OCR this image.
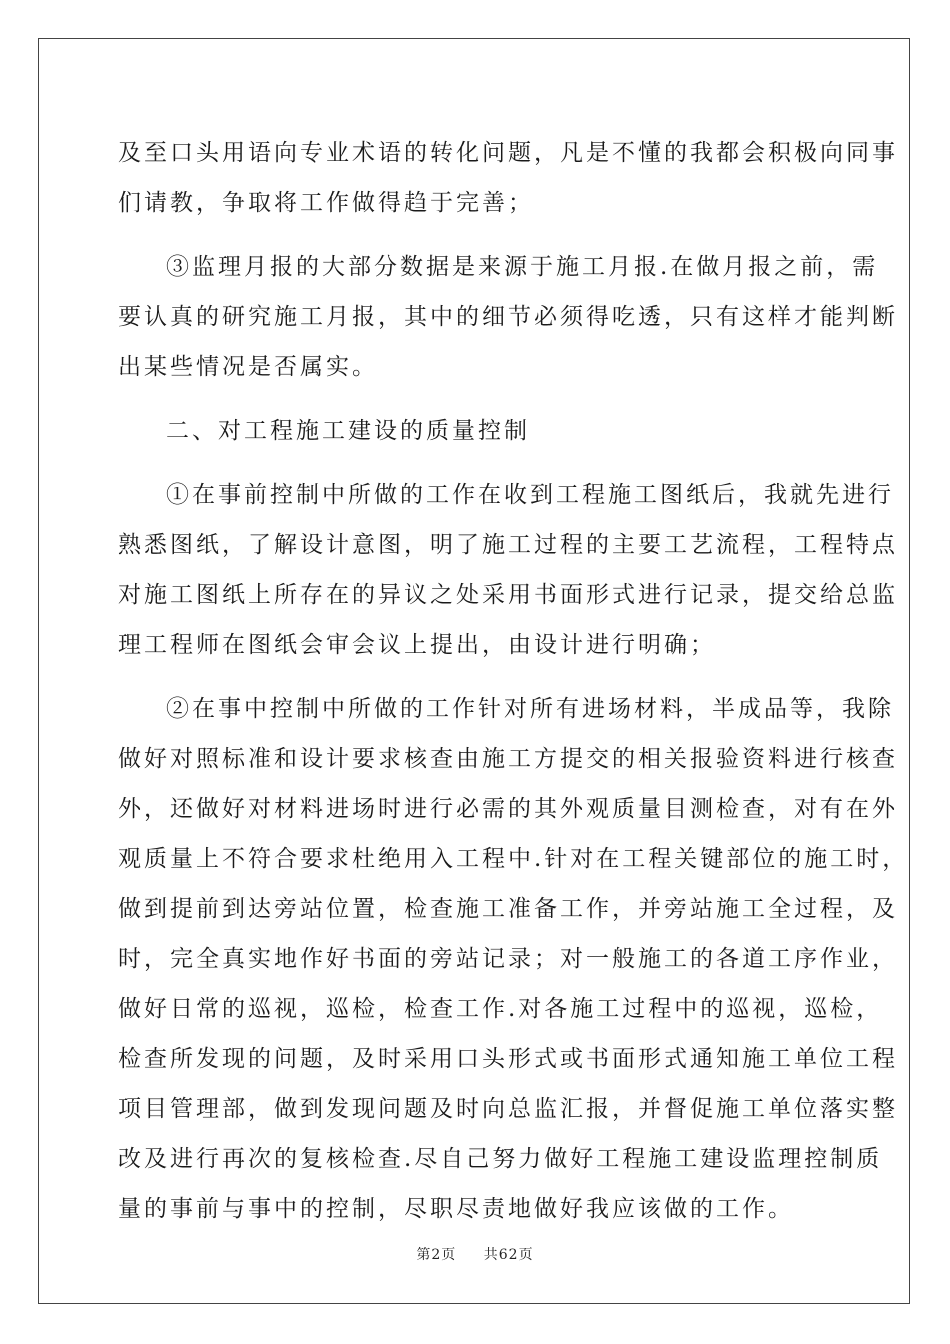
及至口头用语向专业术语的转化问题，凡是不懂的我都会积极向同事
们请教，争取将工作做得趋于完善；

③监理月报的大部分数据是来源于施工月报.在做月报之前，需
要认真的研究施工月报，其中的细节必须得吃透，只有这样才能判断
出某些情况是否属实。

二、对工程施工建设的质量控制

①在事前控制中所做的工作在收到工程施工图纸后，我就先进行
熟悉图纸，了解设计意图，明了施工过程的主要工艺流程，工程特点
对施工图纸上所存在的异议之处采用书面形式进行记录，提交给总监
理工程师在图纸会审会议上提出，由设计进行明确；

②在事中控制中所做的工作针对所有进场材料，半成品等，我除
做好对照标准和设计要求核查由施工方提交的相关报验资料进行核查
外，还做好对材料进场时进行必需的其外观质量目测检查，对有在外
观质量上不符合要求杜绝用入工程中.针对在工程关键部位的施工时，
做到提前到达旁站位置，检查施工准备工作，并旁站施工全过程，及
时，完全真实地作好书面的旁站记录；对一般施工的各道工序作业，
做好日常的巡视，巡检，检查工作.对各施工过程中的巡视，巡检，
检查所发现的问题，及时采用口头形式或书面形式通知施工单位工程
项目管理部，做到发现问题及时向总监汇报，并督促施工单位落实整
改及进行再次的复核检查.尽自己努力做好工程施工建设监理控制质
量的事前与事中的控制，尽职尽责地做好我应该做的工作。

第2页 共62页
